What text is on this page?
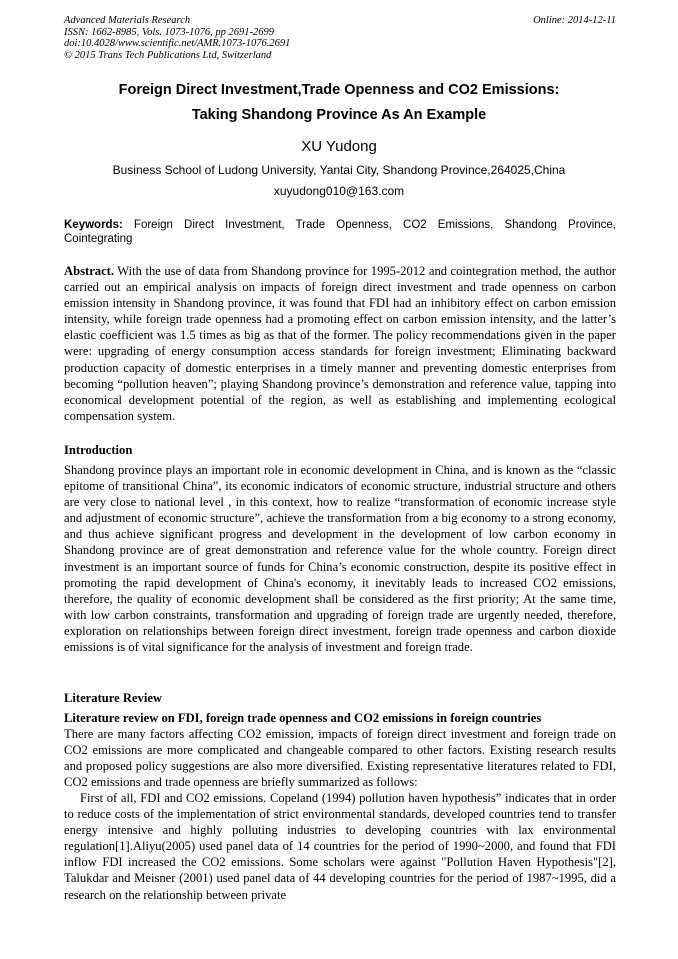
Advanced Materials Research
ISSN: 1662-8985, Vols. 1073-1076, pp 2691-2699
doi:10.4028/www.scientific.net/AMR.1073-1076.2691
© 2015 Trans Tech Publications Ltd, Switzerland
Online: 2014-12-11
Foreign Direct Investment,Trade Openness and CO2 Emissions:
Taking Shandong Province As An Example
XU Yudong
Business School of Ludong University, Yantai City, Shandong Province,264025,China
xuyudong010@163.com
Keywords: Foreign Direct Investment, Trade Openness, CO2 Emissions, Shandong Province, Cointegrating
Abstract. With the use of data from Shandong province for 1995-2012 and cointegration method, the author carried out an empirical analysis on impacts of foreign direct investment and trade openness on carbon emission intensity in Shandong province, it was found that FDI had an inhibitory effect on carbon emission intensity, while foreign trade openness had a promoting effect on carbon emission intensity, and the latter’s elastic coefficient was 1.5 times as big as that of the former. The policy recommendations given in the paper were: upgrading of energy consumption access standards for foreign investment; Eliminating backward production capacity of domestic enterprises in a timely manner and preventing domestic enterprises from becoming “pollution heaven”; playing Shandong province’s demonstration and reference value, tapping into economical development potential of the region, as well as establishing and implementing ecological compensation system.
Introduction
Shandong province plays an important role in economic development in China, and is known as the “classic epitome of transitional China”, its economic indicators of economic structure, industrial structure and others are very close to national level , in this context, how to realize “transformation of economic increase style and adjustment of economic structure”, achieve the transformation from a big economy to a strong economy, and thus achieve significant progress and development in the development of low carbon economy in Shandong province are of great demonstration and reference value for the whole country. Foreign direct investment is an important source of funds for China’s economic construction, despite its positive effect in promoting the rapid development of China's economy, it inevitably leads to increased CO2 emissions, therefore, the quality of economic development shall be considered as the first priority; At the same time, with low carbon constraints, transformation and upgrading of foreign trade are urgently needed, therefore, exploration on relationships between foreign direct investment, foreign trade openness and carbon dioxide emissions is of vital significance for the analysis of investment and foreign trade.
Literature Review
Literature review on FDI, foreign trade openness and CO2 emissions in foreign countries
There are many factors affecting CO2 emission, impacts of foreign direct investment and foreign trade on CO2 emissions are more complicated and changeable compared to other factors. Existing research results and proposed policy suggestions are also more diversified. Existing representative literatures related to FDI, CO2 emissions and trade openness are briefly summarized as follows:
First of all, FDI and CO2 emissions. Copeland (1994) pollution haven hypothesis” indicates that in order to reduce costs of the implementation of strict environmental standards, developed countries tend to transfer energy intensive and highly polluting industries to developing countries with lax environmental regulation[1].Aliyu(2005) used panel data of 14 countries for the period of 1990~2000, and found that FDI inflow FDI increased the CO2 emissions. Some scholars were against "Pollution Haven Hypothesis"[2], Talukdar and Meisner (2001) used panel data of 44 developing countries for the period of 1987~1995, did a research on the relationship between private
